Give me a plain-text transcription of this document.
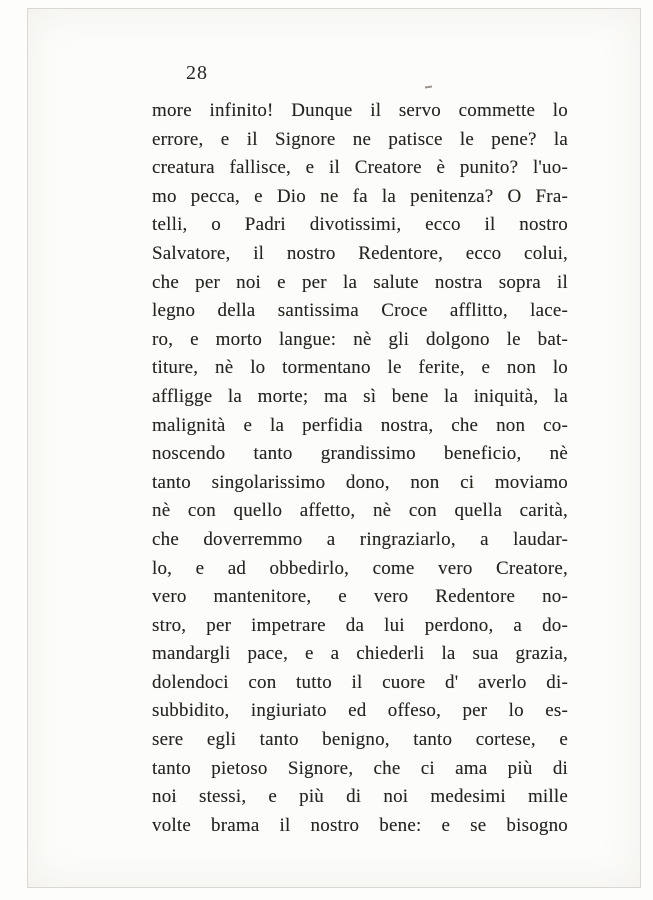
28
more infinito! Dunque il servo commette lo
errore, e il Signore ne patisce le pene? la
creatura fallisce, e il Creatore è punito? l'uo-
mo pecca, e Dio ne fa la penitenza? O Fra-
telli, o Padri divotissimi, ecco il nostro
Salvatore, il nostro Redentore, ecco colui,
che per noi e per la salute nostra sopra il
legno della santissima Croce afflitto, lace-
ro, e morto langue: nè gli dolgono le bat-
titure, nè lo tormentano le ferite, e non lo
affligge la morte; ma sì bene la iniquità, la
malignità e la perfidia nostra, che non co-
noscendo tanto grandissimo beneficio, nè
tanto singolarissimo dono, non ci moviamo
nè con quello affetto, nè con quella carità,
che doverremmo a ringraziarlo, a laudar-
lo, e ad obbedirlo, come vero Creatore,
vero mantenitore, e vero Redentore no-
stro, per impetrare da lui perdono, a do-
mandargli pace, e a chiederli la sua grazia,
dolendoci con tutto il cuore d' averlo di-
subbidito, ingiuriato ed offeso, per lo es-
sere egli tanto benigno, tanto cortese, e
tanto pietoso Signore, che ci ama più di
noi stessi, e più di noi medesimi mille
volte brama il nostro bene: e se bisogno
